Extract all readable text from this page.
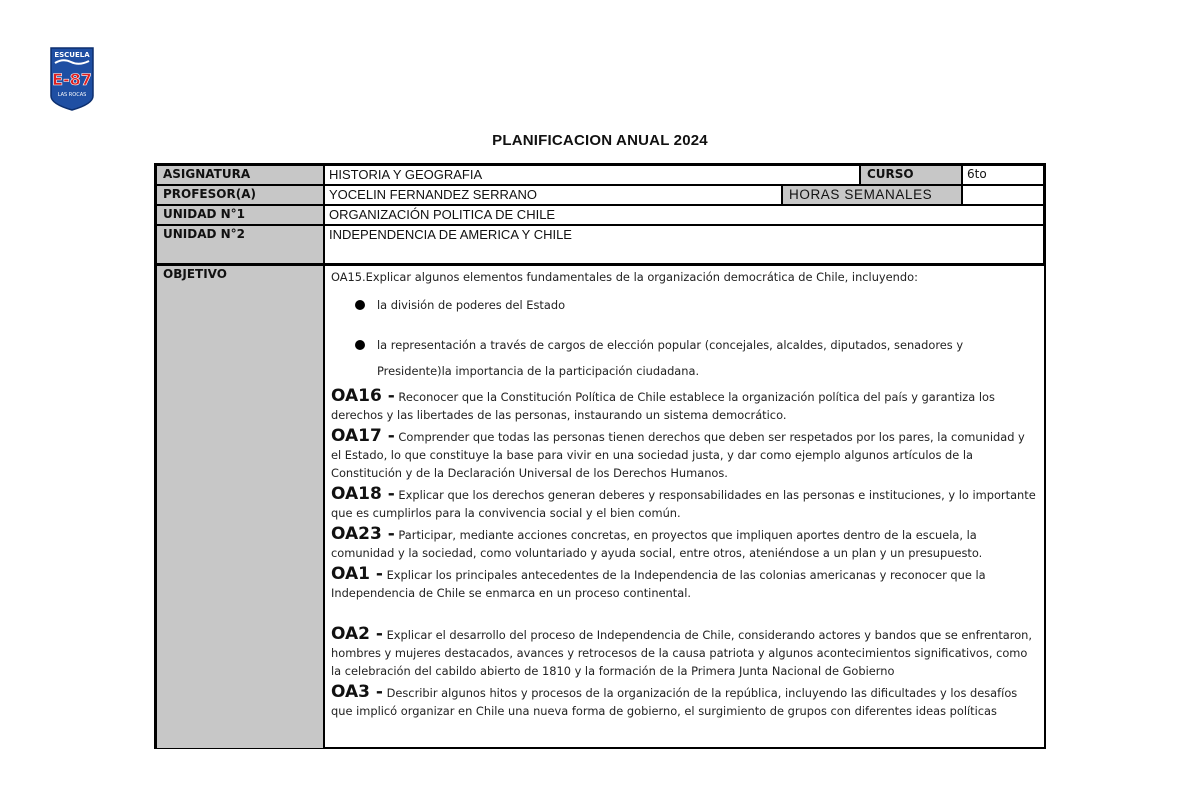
ESCUELA
E-87
LAS ROCAS
PLANIFICACION ANUAL 2024
ASIGNATURA	HISTORIA Y GEOGRAFIA	CURSO	6to
PROFESOR(A)	YOCELIN FERNANDEZ SERRANO	HORAS SEMANALES
UNIDAD N°1	ORGANIZACIÓN POLITICA DE CHILE
UNIDAD N°2	INDEPENDENCIA DE AMERICA Y CHILE
OBJETIVO	OA15.Explicar algunos elementos fundamentales de la organización democrática de Chile, incluyendo:
la división de poderes del Estado
la representación a través de cargos de elección popular (concejales, alcaldes, diputados, senadores y Presidente)la importancia de la participación ciudadana.
OA16 - Reconocer que la Constitución Política de Chile establece la organización política del país y garantiza los derechos y las libertades de las personas, instaurando un sistema democrático.
OA17 - Comprender que todas las personas tienen derechos que deben ser respetados por los pares, la comunidad y el Estado, lo que constituye la base para vivir en una sociedad justa, y dar como ejemplo algunos artículos de la Constitución y de la Declaración Universal de los Derechos Humanos.
OA18 - Explicar que los derechos generan deberes y responsabilidades en las personas e instituciones, y lo importante que es cumplirlos para la convivencia social y el bien común.
OA23 - Participar, mediante acciones concretas, en proyectos que impliquen aportes dentro de la escuela, la comunidad y la sociedad, como voluntariado y ayuda social, entre otros, ateniéndose a un plan y un presupuesto.
OA1 - Explicar los principales antecedentes de la Independencia de las colonias americanas y reconocer que la Independencia de Chile se enmarca en un proceso continental.
OA2 - Explicar el desarrollo del proceso de Independencia de Chile, considerando actores y bandos que se enfrentaron, hombres y mujeres destacados, avances y retrocesos de la causa patriota y algunos acontecimientos significativos, como la celebración del cabildo abierto de 1810 y la formación de la Primera Junta Nacional de Gobierno
OA3 - Describir algunos hitos y procesos de la organización de la república, incluyendo las dificultades y los desafíos que implicó organizar en Chile una nueva forma de gobierno, el surgimiento de grupos con diferentes ideas políticas
